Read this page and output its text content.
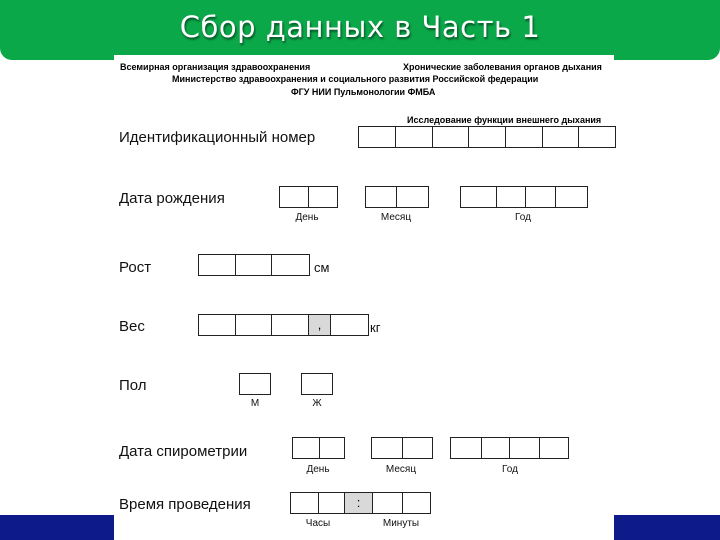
Сбор данных в Часть 1
Всемирная организация здравоохранения	Хронические заболевания органов дыхания
Министерство здравоохранения и социального развития Российской федерации
ФГУ НИИ Пульмонологии ФМБА
Исследование функции внешнего дыхания
Идентификационный номер
Дата рождения
День	Месяц	Год
Рост	см
Вес	,	кг
Пол
М	Ж
Дата спирометрии
День	Месяц	Год
Время проведения	:
Часы	Минуты
